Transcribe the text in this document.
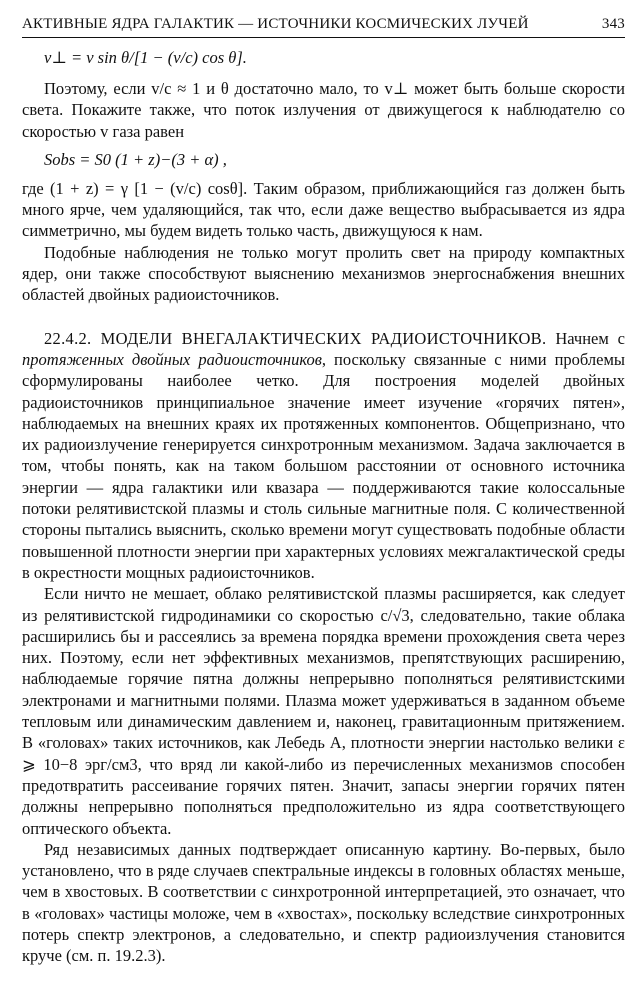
АКТИВНЫЕ ЯДРА ГАЛАКТИК — ИСТОЧНИКИ КОСМИЧЕСКИХ ЛУЧЕЙ	343
v⊥ = v sin θ/[1 − (v/c) cos θ].

Поэтому, если v/c ≈ 1 и θ достаточно мало, то v⊥ может быть больше скорости света. Покажите также, что поток излучения от движущегося к наблюдателю со скоростью v газа равен

Sobs = S0 (1 + z)−(3 + α) ,

где (1 + z) = γ [1 − (v/c) cosθ]. Таким образом, приближающийся газ должен быть много ярче, чем удаляющийся, так что, если даже вещество выбрасывается из ядра симметрично, мы будем видеть только часть, движущуюся к нам.

Подобные наблюдения не только могут пролить свет на природу компактных ядер, они также способствуют выяснению механизмов энергоснабжения внешних областей двойных радиоисточников.

22.4.2. МОДЕЛИ ВНЕГАЛАКТИЧЕСКИХ РАДИОИСТОЧНИКОВ. Начнем с протяженных двойных радиоисточников, поскольку связанные с ними проблемы сформулированы наиболее четко. Для построения моделей двойных радиоисточников принципиальное значение имеет изучение «горячих пятен», наблюдаемых на внешних краях их протяженных компонентов. Общепризнано, что их радиоизлучение генерируется синхротронным механизмом. Задача заключается в том, чтобы понять, как на таком большом расстоянии от основного источника энергии — ядра галактики или квазара — поддерживаются такие колоссальные потоки релятивистской плазмы и столь сильные магнитные поля. С количественной стороны пытались выяснить, сколько времени могут существовать подобные области повышенной плотности энергии при характерных условиях межгалактической среды в окрестности мощных радиоисточников.

Если ничто не мешает, облако релятивистской плазмы расширяется, как следует из релятивистской гидродинамики со скоростью c/√3, следовательно, такие облака расширились бы и рассеялись за времена порядка времени прохождения света через них. Поэтому, если нет эффективных механизмов, препятствующих расширению, наблюдаемые горячие пятна должны непрерывно пополняться релятивистскими электронами и магнитными полями. Плазма может удерживаться в заданном объеме тепловым или динамическим давлением и, наконец, гравитационным притяжением. В «головах» таких источников, как Лебедь А, плотности энергии настолько велики ε ⩾ 10−8 эрг/см3, что вряд ли какой-либо из перечисленных механизмов способен предотвратить рассеивание горячих пятен. Значит, запасы энергии горячих пятен должны непрерывно пополняться предположительно из ядра соответствующего оптического объекта.

Ряд независимых данных подтверждает описанную картину. Во-первых, было установлено, что в ряде случаев спектральные индексы в головных областях меньше, чем в хвостовых. В соответствии с синхротронной интерпретацией, это означает, что в «головах» частицы моложе, чем в «хвостах», поскольку вследствие синхротронных потерь спектр электронов, а следовательно, и спектр радиоизлучения становится круче (см. п. 19.2.3).
